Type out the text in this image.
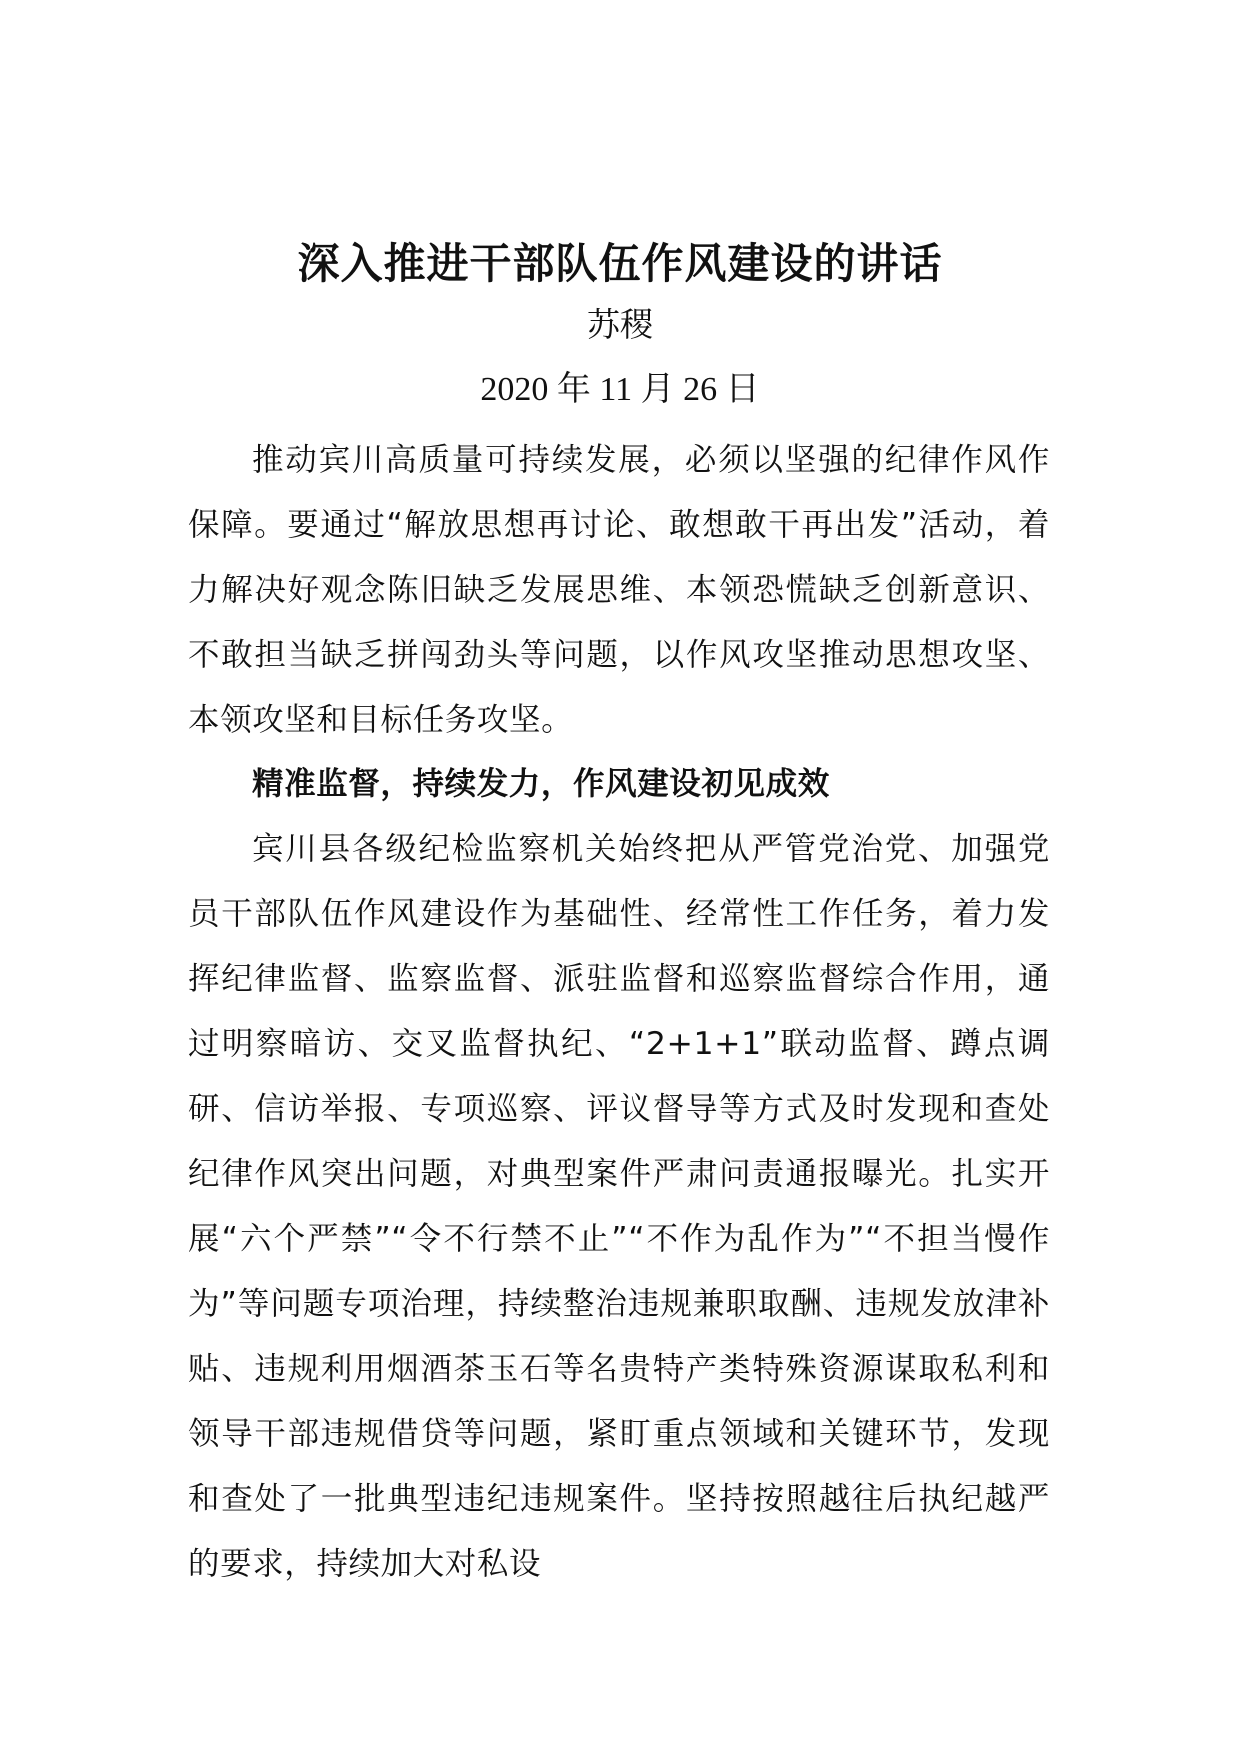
深入推进干部队伍作风建设的讲话

苏稷

2020 年 11 月 26 日

推动宾川高质量可持续发展，必须以坚强的纪律作风作保障。要通过“解放思想再讨论、敢想敢干再出发”活动，着力解决好观念陈旧缺乏发展思维、本领恐慌缺乏创新意识、不敢担当缺乏拼闯劲头等问题，以作风攻坚推动思想攻坚、本领攻坚和目标任务攻坚。

精准监督，持续发力，作风建设初见成效

宾川县各级纪检监察机关始终把从严管党治党、加强党员干部队伍作风建设作为基础性、经常性工作任务，着力发挥纪律监督、监察监督、派驻监督和巡察监督综合作用，通过明察暗访、交叉监督执纪、“2+1+1”联动监督、蹲点调研、信访举报、专项巡察、评议督导等方式及时发现和查处纪律作风突出问题，对典型案件严肃问责通报曝光。扎实开展“六个严禁”“令不行禁不止”“不作为乱作为”“不担当慢作为”等问题专项治理，持续整治违规兼职取酬、违规发放津补贴、违规利用烟酒茶玉石等名贵特产类特殊资源谋取私利和领导干部违规借贷等问题，紧盯重点领域和关键环节，发现和查处了一批典型违纪违规案件。坚持按照越往后执纪越严的要求，持续加大对私设
